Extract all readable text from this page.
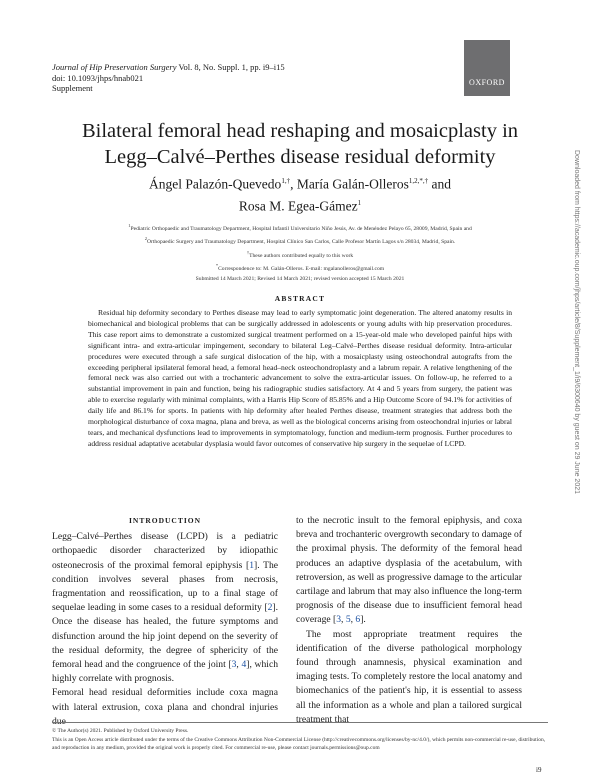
Journal of Hip Preservation Surgery Vol. 8, No. Suppl. 1, pp. i9–i15
doi: 10.1093/jhps/hnab021
Supplement
OXFORD
Bilateral femoral head reshaping and mosaicplasty in
Legg–Calvé–Perthes disease residual deformity
Ángel Palazón-Quevedo$^{1,\dagger}$, María Galán-Olleros$^{1,2,*,\dagger}$ and
Rosa M. Egea-Gámez$^1$
$^1$Pediatric Orthopaedic and Traumatology Department, Hospital Infantil Universitario Niño Jesús, Av. de Menéndez Pelayo 65, 28009, Madrid, Spain and
$^2$Orthopaedic Surgery and Traumatology Department, Hospital Clínico San Carlos, Calle Profesor Martín Lagos s/n 28034, Madrid, Spain.
†These authors contributed equally to this work
*Correspondence to: M. Galán-Olleros. E-mail: mgalanolleros@gmail.com
Submitted 14 March 2021; Revised 14 March 2021; revised version accepted 15 March 2021
ABSTRACT
Residual hip deformity secondary to Perthes disease may lead to early symptomatic joint degeneration. The altered anatomy results in biomechanical and biological problems that can be surgically addressed in adolescents or young adults with hip preservation procedures. This case report aims to demonstrate a customized surgical treatment performed on a 15-year-old male who developed painful hips with significant intra- and extra-articular impingement, secondary to bilateral Leg–Calvé–Perthes disease residual deformity. Intra-articular procedures were executed through a safe surgical dislocation of the hip, with a mosaicplasty using osteochondral autografts from the exceeding peripheral ipsilateral femoral head, a femoral head–neck osteochondroplasty and a labrum repair. A relative lengthening of the femoral neck was also carried out with a trochanteric advancement to solve the extra-articular issues. On follow-up, he referred to a substantial improvement in pain and function, being his radiographic studies satisfactory. At 4 and 5 years from surgery, the patient was able to exercise regularly with minimal complaints, with a Harris Hip Score of 85.85% and a Hip Outcome Score of 94.1% for activities of daily life and 86.1% for sports. In patients with hip deformity after healed Perthes disease, treatment strategies that address both the morphological disturbance of coxa magna, plana and breva, as well as the biological concerns arising from osteochondral injuries or labral tears, and mechanical dysfunctions lead to improvements in symptomatology, function and medium-term prognosis. Further procedures to address residual adaptative acetabular dysplasia would favor outcomes of conservative hip surgery in the sequelae of LCPD.
INTRODUCTION

Legg–Calvé–Perthes disease (LCPD) is a pediatric orthopaedic disorder characterized by idiopathic osteonecrosis of the proximal femoral epiphysis [1]. The condition involves several phases from necrosis, fragmentation and reossification, up to a final stage of sequelae leading in some cases to a residual deformity [2]. Once the disease has healed, the future symptoms and disfunction around the hip joint depend on the severity of the residual deformity, the degree of sphericity of the femoral head and the congruence of the joint [3, 4], which highly correlate with prognosis.

Femoral head residual deformities include coxa magna with lateral extrusion, coxa plana and chondral injuries due

to the necrotic insult to the femoral epiphysis, and coxa breva and trochanteric overgrowth secondary to damage of the proximal physis. The deformity of the femoral head produces an adaptive dysplasia of the acetabulum, with retroversion, as well as progressive damage to the articular cartilage and labrum that may also influence the long-term prognosis of the disease due to insufficient femoral head coverage [3, 5, 6].

The most appropriate treatment requires the identification of the diverse pathological morphology found through anamnesis, physical examination and imaging tests. To completely restore the local anatomy and biomechanics of the patient's hip, it is essential to assess all the information as a whole and plan a tailored surgical treatment that

© The Author(s) 2021. Published by Oxford University Press.
This is an Open Access article distributed under the terms of the Creative Commons Attribution Non-Commercial License (http://creativecommons.org/licenses/by-nc/4.0/), which permits non-commercial re-use, distribution, and reproduction in any medium, provided the original work is properly cited. For commercial re-use, please contact journals.permissions@oup.com
i9
Downloaded from https://academic.oup.com/jhps/article/8/Supplement_1/i9/6300640 by guest on 29 June 2021
